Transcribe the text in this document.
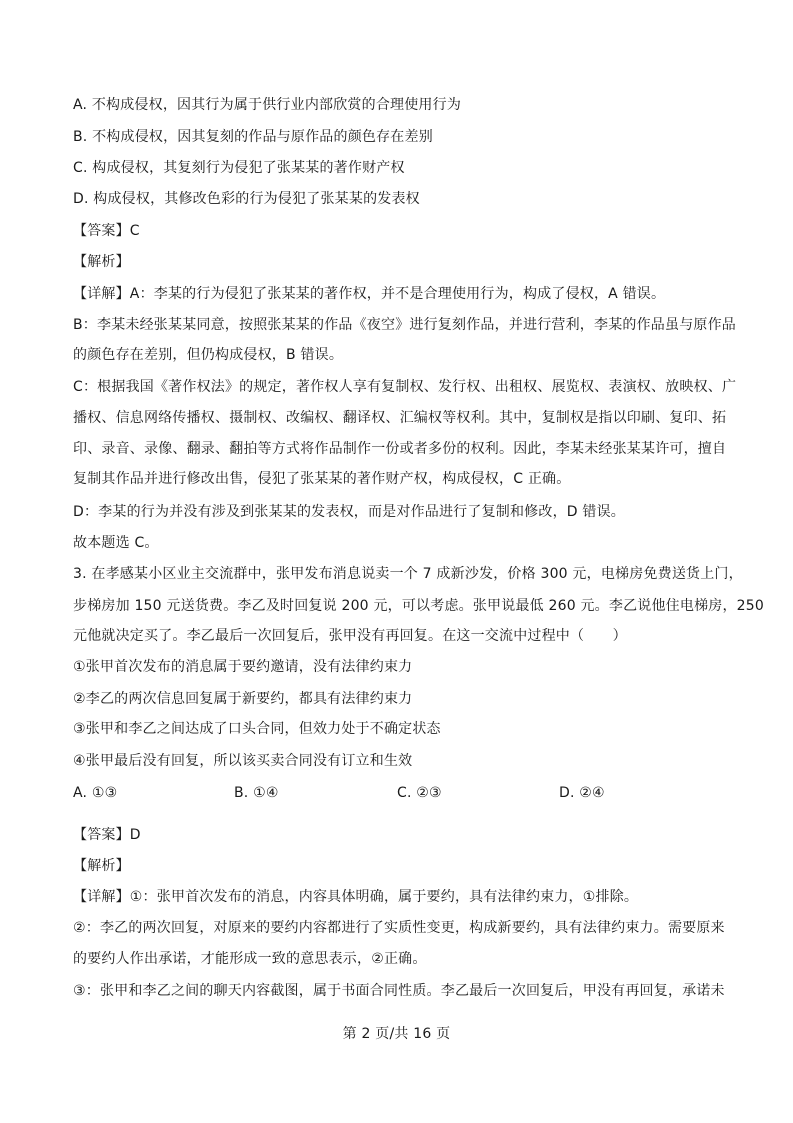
A. 不构成侵权，因其行为属于供行业内部欣赏的合理使用行为
B. 不构成侵权，因其复刻的作品与原作品的颜色存在差别
C. 构成侵权，其复刻行为侵犯了张某某的著作财产权
D. 构成侵权，其修改色彩的行为侵犯了张某某的发表权
【答案】C
【解析】
【详解】A：李某的行为侵犯了张某某的著作权，并不是合理使用行为，构成了侵权，A 错误。
B：李某未经张某某同意，按照张某某的作品《夜空》进行复刻作品，并进行营利，李某的作品虽与原作品
的颜色存在差别，但仍构成侵权，B 错误。
C：根据我国《著作权法》的规定，著作权人享有复制权、发行权、出租权、展览权、表演权、放映权、广
播权、信息网络传播权、摄制权、改编权、翻译权、汇编权等权利。其中，复制权是指以印刷、复印、拓
印、录音、录像、翻录、翻拍等方式将作品制作一份或者多份的权利。因此，李某未经张某某许可，擅自
复制其作品并进行修改出售，侵犯了张某某的著作财产权，构成侵权，C 正确。
D：李某的行为并没有涉及到张某某的发表权，而是对作品进行了复制和修改，D 错误。
故本题选 C。
3. 在孝感某小区业主交流群中，张甲发布消息说卖一个 7 成新沙发，价格 300 元，电梯房免费送货上门，
步梯房加 150 元送货费。李乙及时回复说 200 元，可以考虑。张甲说最低 260 元。李乙说他住电梯房，250
元他就决定买了。李乙最后一次回复后，张甲没有再回复。在这一交流中过程中（　　）
①张甲首次发布的消息属于要约邀请，没有法律约束力
②李乙的两次信息回复属于新要约，都具有法律约束力
③张甲和李乙之间达成了口头合同，但效力处于不确定状态
④张甲最后没有回复，所以该买卖合同没有订立和生效
A. ①③	B. ①④	C. ②③	D. ②④
【答案】D
【解析】
【详解】①：张甲首次发布的消息，内容具体明确，属于要约，具有法律约束力，①排除。
②：李乙的两次回复，对原来的要约内容都进行了实质性变更，构成新要约，具有法律约束力。需要原来
的要约人作出承诺，才能形成一致的意思表示，②正确。
③：张甲和李乙之间的聊天内容截图，属于书面合同性质。李乙最后一次回复后，甲没有再回复，承诺未
第 2 页/共 16 页
